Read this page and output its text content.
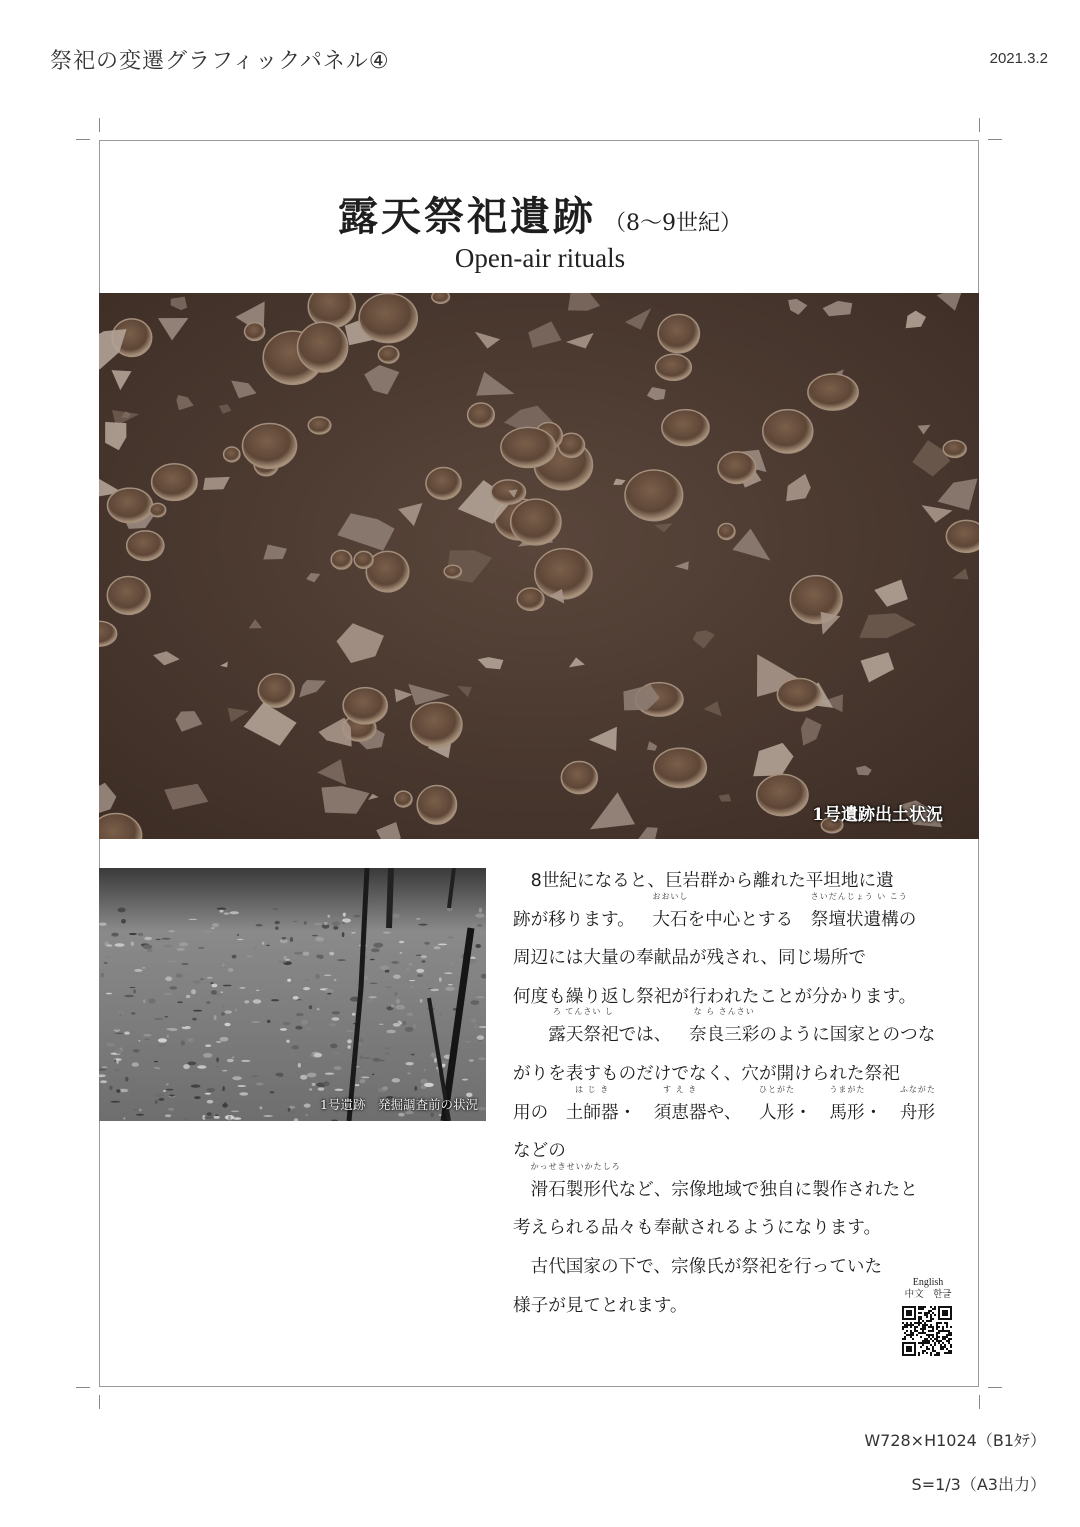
祭祀の変遷グラフィックパネル④	2021.3.2
露天祭祀遺跡 （8〜9世紀）
Open-air rituals
1号遺跡出土状況
1号遺跡　発掘調査前の状況

8世紀になると、巨岩群から離れた平坦地に遺
跡が移ります。
おおいし
大石を中心とする
さいだんじょう い こう
祭壇状遺構の
周辺には大量の奉献品が残され、同じ場所で
何度も繰り返し祭祀が行われたことが分かります。

ろ てんさい し
露天祭祀では、
な ら さんさい
奈良三彩のように国家とのつな
がりを表すものだけでなく、穴が開けられた祭祀
用の
は じ き
土師器・
す え き
須恵器や、
ひとがた
人形・
うまがた
馬形・
ふながた
舟形などの

かっせきせいかたしろ
滑石製形代など、宗像地域で独自に製作されたと
考えられる品々も奉献されるようになります。

古代国家の下で、宗像氏が祭祀を行っていた
様子が見てとれます。

English
中文　한글
W728×H1024（B1ﾀﾃ）
S=1/3（A3出力）
